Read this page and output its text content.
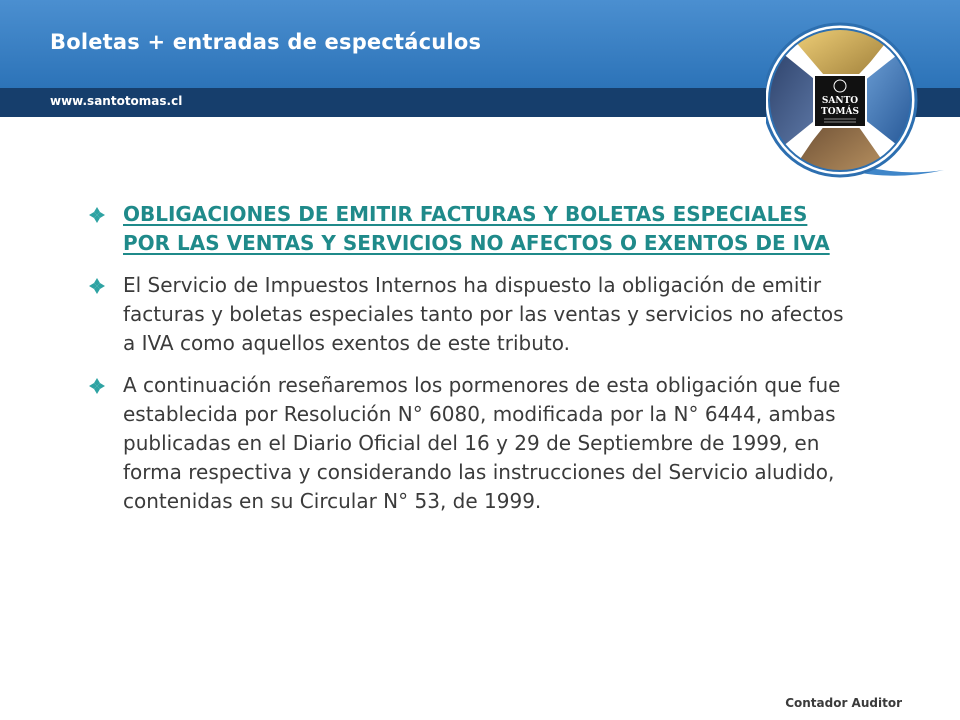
Boletas + entradas de espectáculos
www.santotomas.cl	SANTO
TOMÁS
OBLIGACIONES DE EMITIR FACTURAS Y BOLETAS ESPECIALES POR LAS VENTAS Y SERVICIOS NO AFECTOS O EXENTOS DE IVA
El Servicio de Impuestos Internos ha dispuesto la obligación de emitir facturas y boletas especiales tanto por las ventas y servicios no afectos a IVA como aquellos exentos de este tributo.
A continuación reseñaremos los pormenores de esta obligación que fue establecida por Resolución N° 6080, modificada por la N° 6444, ambas publicadas en el Diario Oficial del 16 y 29 de Septiembre de 1999, en forma respectiva y considerando las instrucciones del Servicio aludido, contenidas en su Circular N° 53, de 1999.
Contador Auditor
